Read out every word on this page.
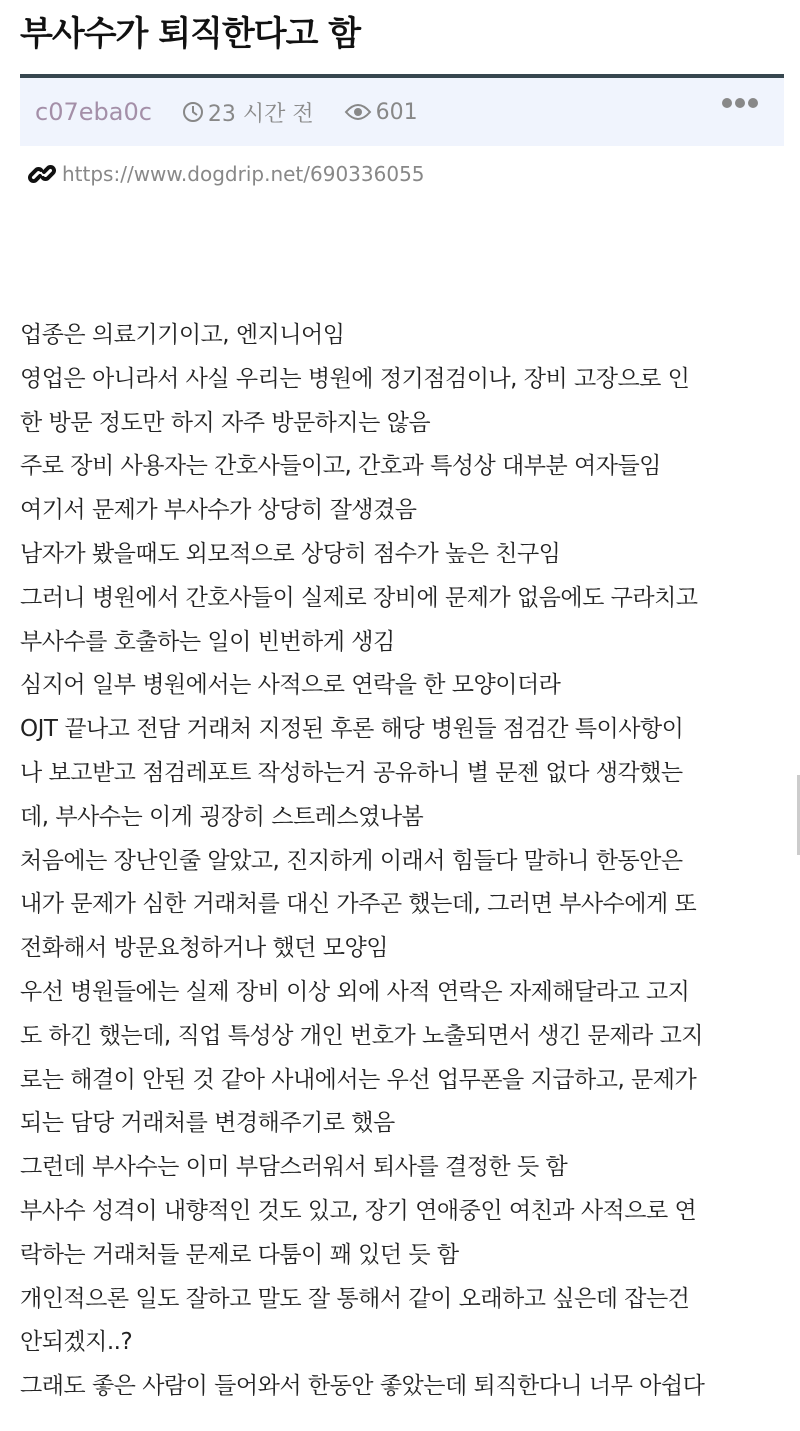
부사수가 퇴직한다고 함
c07eba0c	23 시간 전	601
https://www.dogdrip.net/690336055
업종은 의료기기이고, 엔지니어임
영업은 아니라서 사실 우리는 병원에 정기점검이나, 장비 고장으로 인
한 방문 정도만 하지 자주 방문하지는 않음
주로 장비 사용자는 간호사들이고, 간호과 특성상 대부분 여자들임
여기서 문제가 부사수가 상당히 잘생겼음
남자가 봤을때도 외모적으로 상당히 점수가 높은 친구임
그러니 병원에서 간호사들이 실제로 장비에 문제가 없음에도 구라치고
부사수를 호출하는 일이 빈번하게 생김
심지어 일부 병원에서는 사적으로 연락을 한 모양이더라
OJT 끝나고 전담 거래처 지정된 후론 해당 병원들 점검간 특이사항이
나 보고받고 점검레포트 작성하는거 공유하니 별 문젠 없다 생각했는
데, 부사수는 이게 굉장히 스트레스였나봄
처음에는 장난인줄 알았고, 진지하게 이래서 힘들다 말하니 한동안은
내가 문제가 심한 거래처를 대신 가주곤 했는데, 그러면 부사수에게 또
전화해서 방문요청하거나 했던 모양임
우선 병원들에는 실제 장비 이상 외에 사적 연락은 자제해달라고 고지
도 하긴 했는데, 직업 특성상 개인 번호가 노출되면서 생긴 문제라 고지
로는 해결이 안된 것 같아 사내에서는 우선 업무폰을 지급하고, 문제가
되는 담당 거래처를 변경해주기로 했음
그런데 부사수는 이미 부담스러워서 퇴사를 결정한 듯 함
부사수 성격이 내향적인 것도 있고, 장기 연애중인 여친과 사적으로 연
락하는 거래처들 문제로 다툼이 꽤 있던 듯 함
개인적으론 일도 잘하고 말도 잘 통해서 같이 오래하고 싶은데 잡는건
안되겠지..?
그래도 좋은 사람이 들어와서 한동안 좋았는데 퇴직한다니 너무 아쉽다
